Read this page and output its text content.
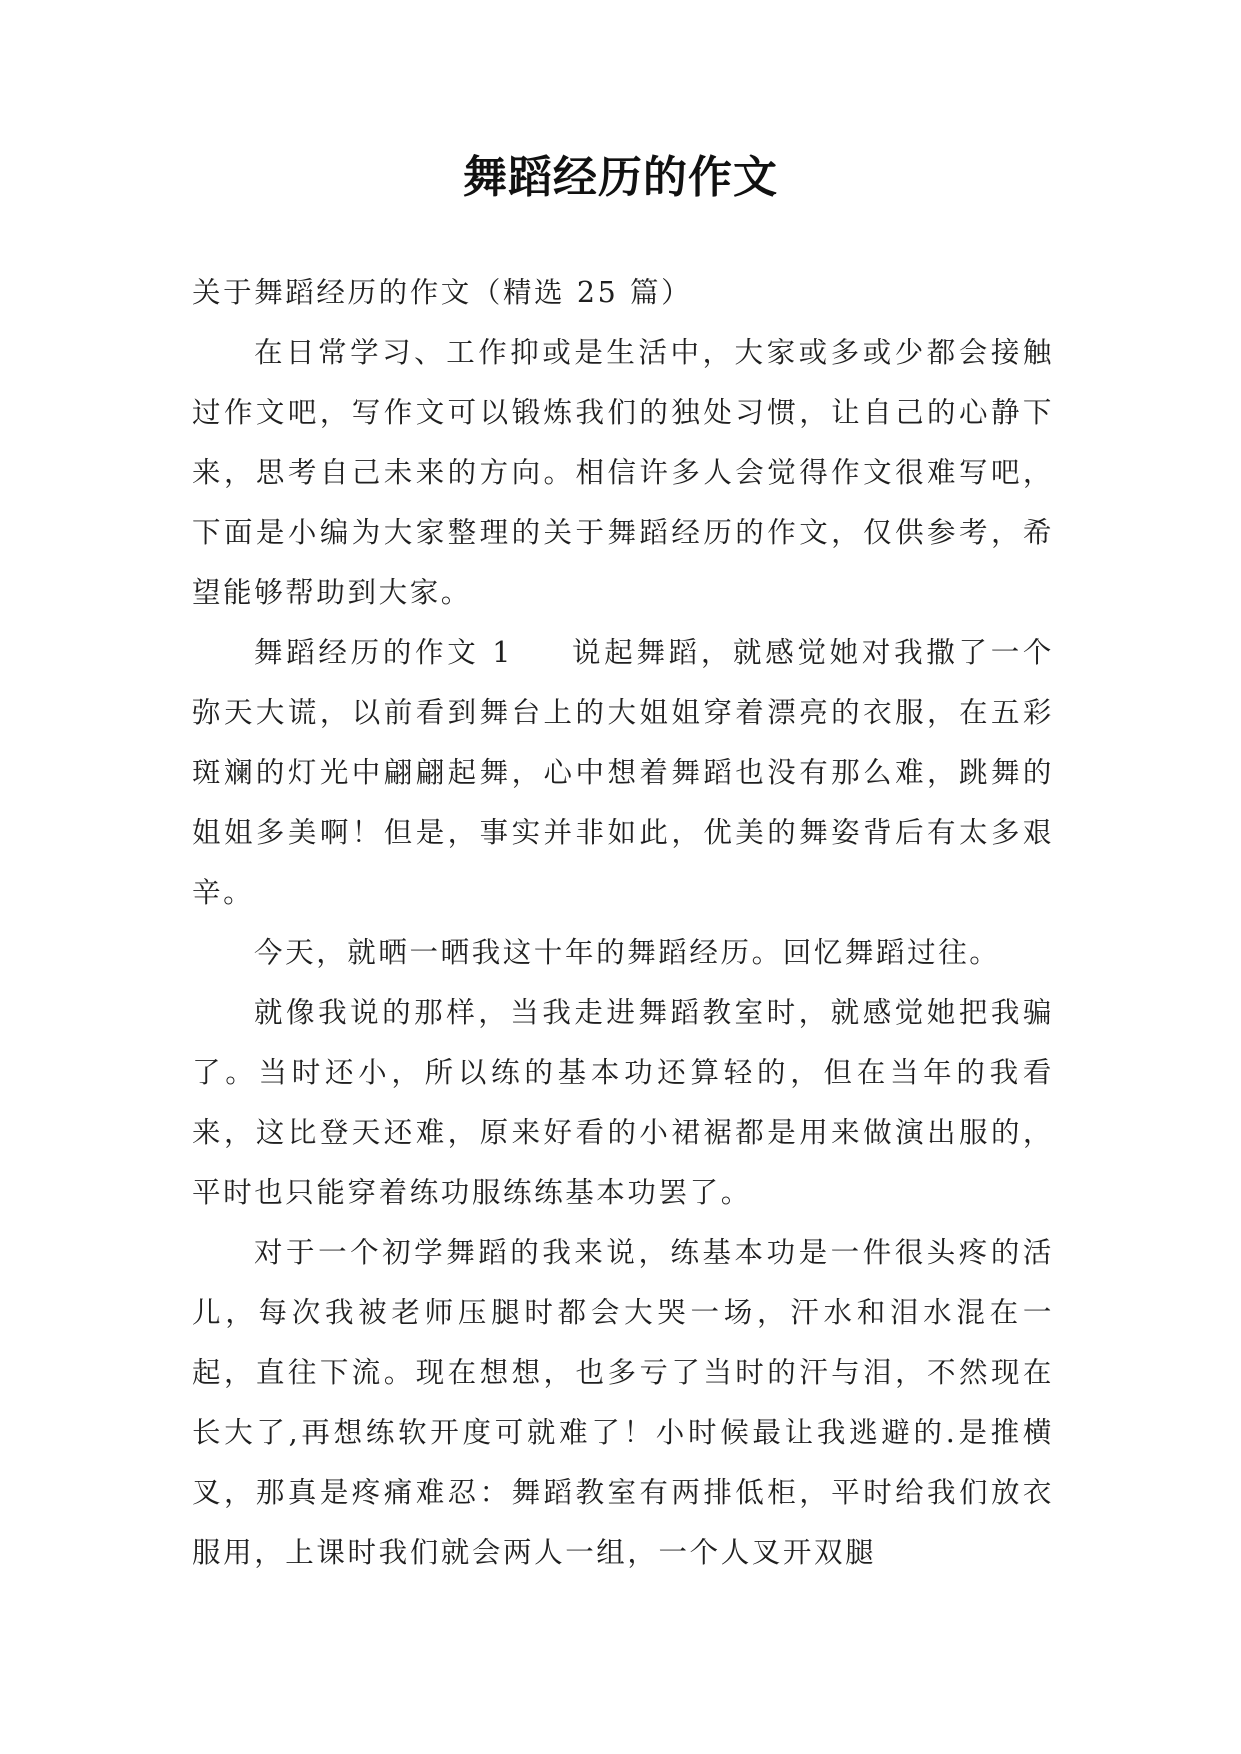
舞蹈经历的作文

关于舞蹈经历的作文（精选 25 篇）

在日常学习、工作抑或是生活中，大家或多或少都会接触过作文吧，写作文可以锻炼我们的独处习惯，让自己的心静下来，思考自己未来的方向。相信许多人会觉得作文很难写吧，下面是小编为大家整理的关于舞蹈经历的作文，仅供参考，希望能够帮助到大家。

舞蹈经历的作文 1 说起舞蹈，就感觉她对我撒了一个弥天大谎，以前看到舞台上的大姐姐穿着漂亮的衣服，在五彩斑斓的灯光中翩翩起舞，心中想着舞蹈也没有那么难，跳舞的姐姐多美啊！但是，事实并非如此，优美的舞姿背后有太多艰辛。

今天，就晒一晒我这十年的舞蹈经历。回忆舞蹈过往。

就像我说的那样，当我走进舞蹈教室时，就感觉她把我骗了。当时还小，所以练的基本功还算轻的，但在当年的我看来，这比登天还难，原来好看的小裙裾都是用来做演出服的，平时也只能穿着练功服练练基本功罢了。

对于一个初学舞蹈的我来说，练基本功是一件很头疼的活儿，每次我被老师压腿时都会大哭一场，汗水和泪水混在一起，直往下流。现在想想，也多亏了当时的汗与泪，不然现在长大了,再想练软开度可就难了！小时候最让我逃避的.是推横叉，那真是疼痛难忍：舞蹈教室有两排低柜，平时给我们放衣服用，上课时我们就会两人一组，一个人叉开双腿
